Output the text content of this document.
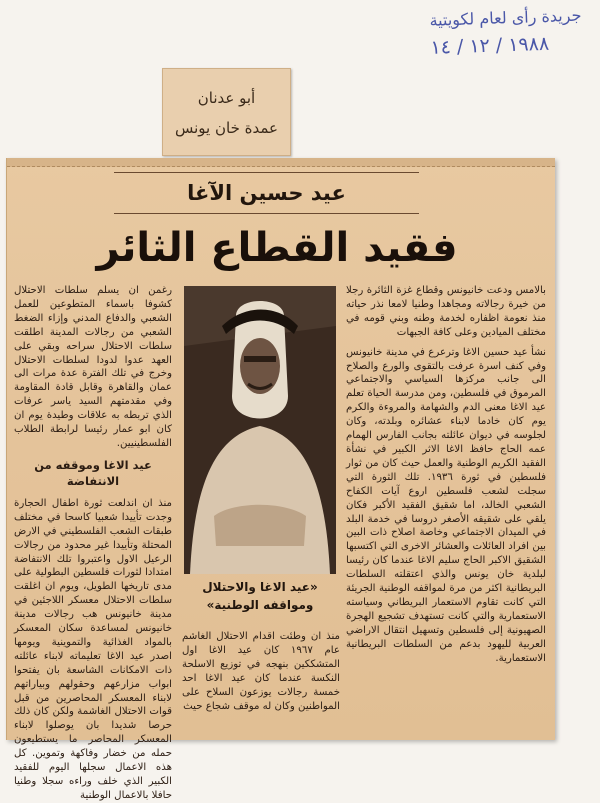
جريدة رأى لعام لكويتية
١٩٨٨ / ١٢ / ١٤
أبو عدنان
عمدة خان يونس
عيد حسين الآغا
فقيد القطاع الثائر

بالامس ودعت خانيونس وقطاع غزة الثائرة رجلا من خيرة رجالاته ومجاهدا وطنيا لامعا نذر حياته منذ نعومة اظفاره لخدمة وطنه وبني قومه في مختلف الميادين وعلى كافة الجبهات

نشأ عيد حسين الاغا وترعرع في مدينة خانيونس وفي كنف اسرة عرفت بالتقوى والورع والصلاح الى جانب مركزها السياسي والاجتماعي المرموق في فلسطين، ومن مدرسة الحياة تعلم عيد الاغا معنى الدم والشهامة والمروءة والكرم يوم كان خادما لابناء عشائره وبلدته، وكان لجلوسه في ديوان عائلته بجانب الفارس الهمام عمه الحاج حافظ الاغا الاثر الكبير في نشأة الفقيد الكريم الوطنية والعمل حيث كان من ثوار فلسطين في ثورة ١٩٣٦. تلك الثورة التي سجلت لشعب فلسطين اروع آيات الكفاح الشعبي الخالد، اما شقيق الفقيد الأكبر فكان يلقي على شقيقه الأصغر دروسا في خدمة البلد في الميدان الاجتماعي وخاصة اصلاح ذات البين بين افراد العائلات والعشائر الاخرى التي اكتسبها الشقيق الاكبر الحاج سليم الاغا عندما كان رئيسا لبلدية خان يونس والذي اعتقلته السلطات البريطانية اكثر من مرة لمواقفه الوطنية الجريئة التي كانت تقاوم الاستعمار البريطاني وسياسته الاستعمارية والتي كانت تستهدف تشجيع الهجرة الصهيونية إلى فلسطين وتسهيل انتقال الاراضي العربية لليهود بدعم من السلطات البريطانية الاستعمارية.

«عيد الاغا والاحتلال ومواقفه الوطنية»

منذ ان وطئت اقدام الاحتلال الغاشم عام ١٩٦٧ كان عيد الاغا اول المتشككين بنهجه في توزيع الاسلحة النكسة عندما كان عيد الاغا احد خمسة رجالات يوزعون السلاح على المواطنين وكان له موقف شجاع حيث

رغمن ان يسلم سلطات الاحتلال كشوفا باسماء المتطوعين للعمل الشعبي والدفاع المدني وإزاء الضغط الشعبي من رجالات المدينة اطلقت سلطات الاحتلال سراحه وبقي على العهد عدوا لدودا لسلطات الاحتلال وخرج في تلك الفترة عدة مرات الى عمان والقاهرة وقابل قادة المقاومة وفي مقدمتهم السيد ياسر عرفات الذي تربطه به علاقات وطيدة يوم ان كان ابو عمار رئيسا لرابطة الطلاب الفلسطينيين.

عيد الاغا وموقفه من الانتفاضة

منذ ان اندلعت ثورة اطفال الحجارة وجدت تأييدا شعبيا كاسحا في مختلف طبقات الشعب الفلسطيني في الارض المحتلة وتأييدا غير محدود من رجالات الرعيل الاول واعتبروا تلك الانتفاضة امتدادا لثورات فلسطين البطولية على مدى تاريخها الطويل، ويوم ان اغلقت سلطات الاحتلال معسكر اللاجئين في مدينة خانيونس هب رجالات مدينة خانيونس لمساعدة سكان المعسكر بالمواد الغذائية والتموينية ويومها اصدر عيد الاغا تعليماته لابناء عائلته ذات الامكانات الشاسعة بان يفتحوا ابواب مزارعهم وحقولهم وبياراتهم لابناء المعسكر المحاصرين من قبل قوات الاحتلال الغاشمة ولكن كان ذلك حرصا شديدا بان يوصلوا لابناء المعسكر المحاصر ما يستطيعون حمله من خضار وفاكهة وتموين. كل هذه الاعمال سجلها اليوم للفقيد الكبير الذي خلف وراءه سجلا وطنيا حافلا بالاعمال الوطنية
